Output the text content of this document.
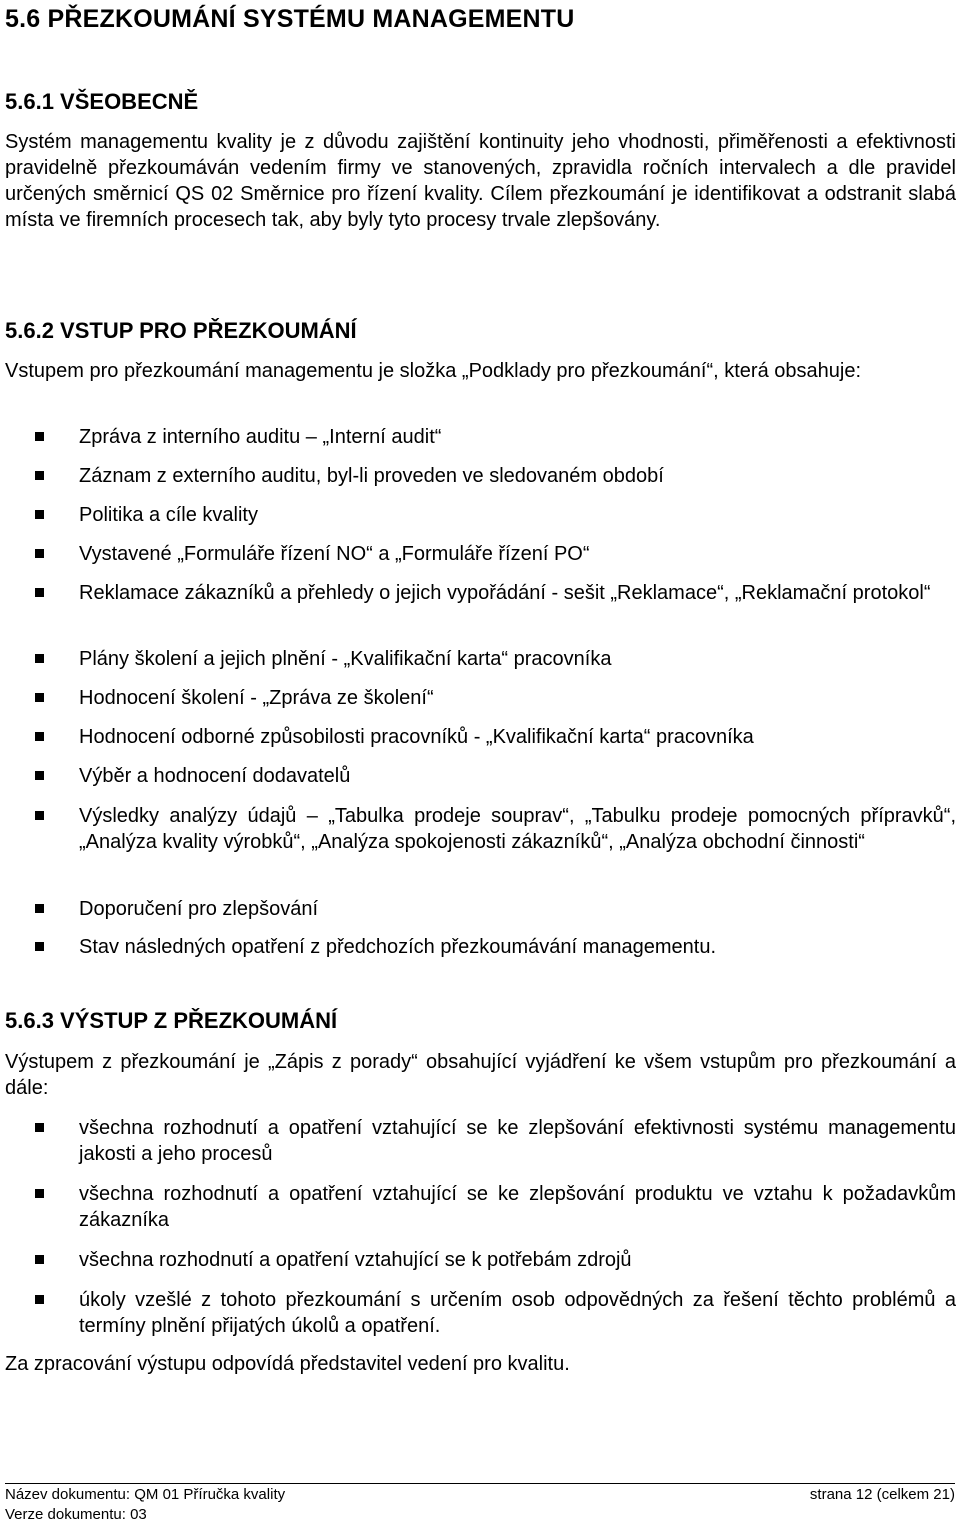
5.6 PŘEZKOUMÁNÍ SYSTÉMU MANAGEMENTU
5.6.1 VŠEOBECNĚ

Systém managementu kvality je z důvodu zajištění kontinuity jeho vhodnosti, přiměřenosti a efektivnosti pravidelně přezkoumáván vedením firmy ve stanovených, zpravidla ročních intervalech a dle pravidel určených směrnicí QS 02 Směrnice pro řízení kvality. Cílem přezkoumání je identifikovat a odstranit slabá místa ve firemních procesech tak, aby byly tyto procesy trvale zlepšovány.

5.6.2 VSTUP PRO PŘEZKOUMÁNÍ

Vstupem pro přezkoumání managementu je složka „Podklady pro přezkoumání“, která obsahuje:

Zpráva z interního auditu – „Interní audit“
Záznam z externího auditu, byl-li proveden ve sledovaném období
Politika a cíle kvality
Vystavené „Formuláře řízení NO“ a „Formuláře řízení PO“
Reklamace zákazníků a přehledy o jejich vypořádání - sešit „Reklamace“, „Reklamační protokol“
Plány školení a jejich plnění - „Kvalifikační karta“ pracovníka
Hodnocení školení - „Zpráva ze školení“
Hodnocení odborné způsobilosti pracovníků - „Kvalifikační karta“ pracovníka
Výběr a hodnocení dodavatelů
Výsledky analýzy údajů – „Tabulka prodeje souprav“, „Tabulku prodeje pomocných přípravků“, „Analýza kvality výrobků“, „Analýza spokojenosti zákazníků“, „Analýza obchodní činnosti“
Doporučení pro zlepšování
Stav následných opatření z předchozích přezkoumávání managementu.
5.6.3 VÝSTUP Z PŘEZKOUMÁNÍ

Výstupem z přezkoumání je „Zápis z porady“ obsahující vyjádření ke všem vstupům pro přezkoumání a dále:

všechna rozhodnutí a opatření vztahující se ke zlepšování efektivnosti systému managementu jakosti a jeho procesů
všechna rozhodnutí a opatření vztahující se ke zlepšování produktu ve vztahu k požadavkům zákazníka
všechna rozhodnutí a opatření vztahující se k potřebám zdrojů
úkoly vzešlé z tohoto přezkoumání s určením osob odpovědných za řešení těchto problémů a termíny plnění přijatých úkolů a opatření.

Za zpracování výstupu odpovídá představitel vedení pro kvalitu.

Název dokumentu: QM 01 Příručka kvality	strana 12 (celkem 21)
Verze dokumentu: 03
